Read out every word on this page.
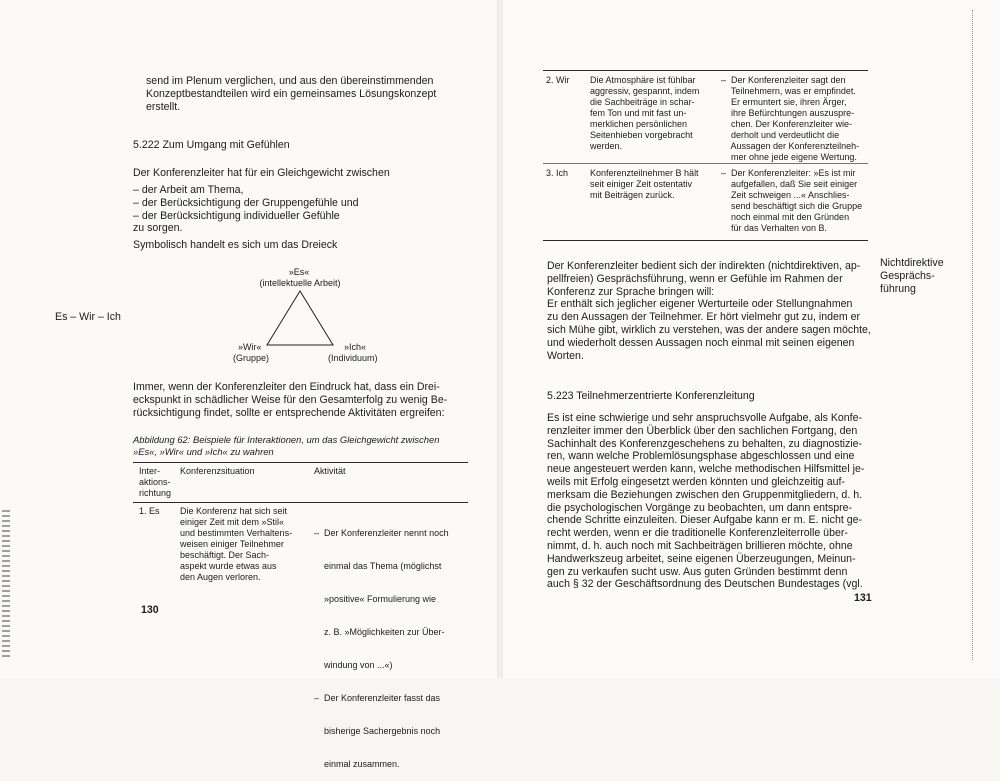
send im Plenum verglichen, und aus den übereinstimmenden
Konzeptbestandteilen wird ein gemeinsames Lösungskonzept
erstellt.
5.222 Zum Umgang mit Gefühlen
Der Konferenzleiter hat für ein Gleichgewicht zwischen
– der Arbeit am Thema,
– der Berücksichtigung der Gruppengefühle und
– der Berücksichtigung individueller Gefühle
zu sorgen.
Symbolisch handelt es sich um das Dreieck
Es – Wir – Ich
»Es«
(intellektuelle Arbeit)
»Wir«
(Gruppe)
»Ich«
(Individuum)
Immer, wenn der Konferenzleiter den Eindruck hat, dass ein Drei-
eckspunkt in schädlicher Weise für den Gesamterfolg zu wenig Be-
rücksichtigung findet, sollte er entsprechende Aktivitäten ergreifen:
Abbildung 62: Beispiele für Interaktionen, um das Gleichgewicht zwischen
»Es«, »Wir« und »Ich« zu wahren
Inter-
aktions-
richtung
Konferenzsituation	Aktivität
1. Es Die Konferenz hat sich seit
einiger Zeit mit dem »Stil«
und bestimmten Verhaltens-
weisen einiger Teilnehmer
beschäftigt. Der Sach-
aspekt wurde etwas aus
den Augen verloren.

–  Der Konferenzleiter nennt noch

einmal das Thema (möglichst

»positive« Formulierung wie

z. B. »Möglichkeiten zur Über-

windung von ...«)

–  Der Konferenzleiter fasst das

bisherige Sachergebnis noch

einmal zusammen.

130
2. Wir Die Atmosphäre ist fühlbar
aggressiv, gespannt, indem
die Sachbeiträge in schar-
fem Ton und mit fast un-
merklichen persönlichen
Seitenhieben vorgebracht
werden.
–  Der Konferenzleiter sagt den
Teilnehmern, was er empfindet.
Er ermuntert sie, ihren Ärger,
ihre Befürchtungen auszuspre-
chen. Der Konferenzleiter wie-
derholt und verdeutlicht die
Aussagen der Konferenzteilneh-
mer ohne jede eigene Wertung.
3. Ich Konferenzteilnehmer B hält
seit einiger Zeit ostentativ
mit Beiträgen zurück.
–  Der Konferenzleiter: »Es ist mir
aufgefallen, daß Sie seit einiger
Zeit schweigen ...« Anschlies-
send beschäftigt sich die Gruppe
noch einmal mit den Gründen
für das Verhalten von B.
Der Konferenzleiter bedient sich der indirekten (nichtdirektiven, ap-
pellfreien) Gesprächsführung, wenn er Gefühle im Rahmen der
Konferenz zur Sprache bringen will:
Er enthält sich jeglicher eigener Werturteile oder Stellungnahmen
zu den Aussagen der Teilnehmer. Er hört vielmehr gut zu, indem er
sich Mühe gibt, wirklich zu verstehen, was der andere sagen möchte,
und wiederholt dessen Aussagen noch einmal mit seinen eigenen
Worten.
Nichtdirektive
Gesprächs-
führung
5.223 Teilnehmerzentrierte Konferenzleitung
Es ist eine schwierige und sehr anspruchsvolle Aufgabe, als Konfe-
renzleiter immer den Überblick über den sachlichen Fortgang, den
Sachinhalt des Konferenzgeschehens zu behalten, zu diagnostizie-
ren, wann welche Problemlösungsphase abgeschlossen und eine
neue angesteuert werden kann, welche methodischen Hilfsmittel je-
weils mit Erfolg eingesetzt werden könnten und gleichzeitig auf-
merksam die Beziehungen zwischen den Gruppenmitgliedern, d. h.
die psychologischen Vorgänge zu beobachten, um dann entspre-
chende Schritte einzuleiten. Dieser Aufgabe kann er m. E. nicht ge-
recht werden, wenn er die traditionelle Konferenzleiterrolle über-
nimmt, d. h. auch noch mit Sachbeiträgen brillieren möchte, ohne
Handwerkszeug arbeitet, seine eigenen Überzeugungen, Meinun-
gen zu verkaufen sucht usw. Aus guten Gründen bestimmt denn
auch § 32 der Geschäftsordnung des Deutschen Bundestages (vgl.
131
